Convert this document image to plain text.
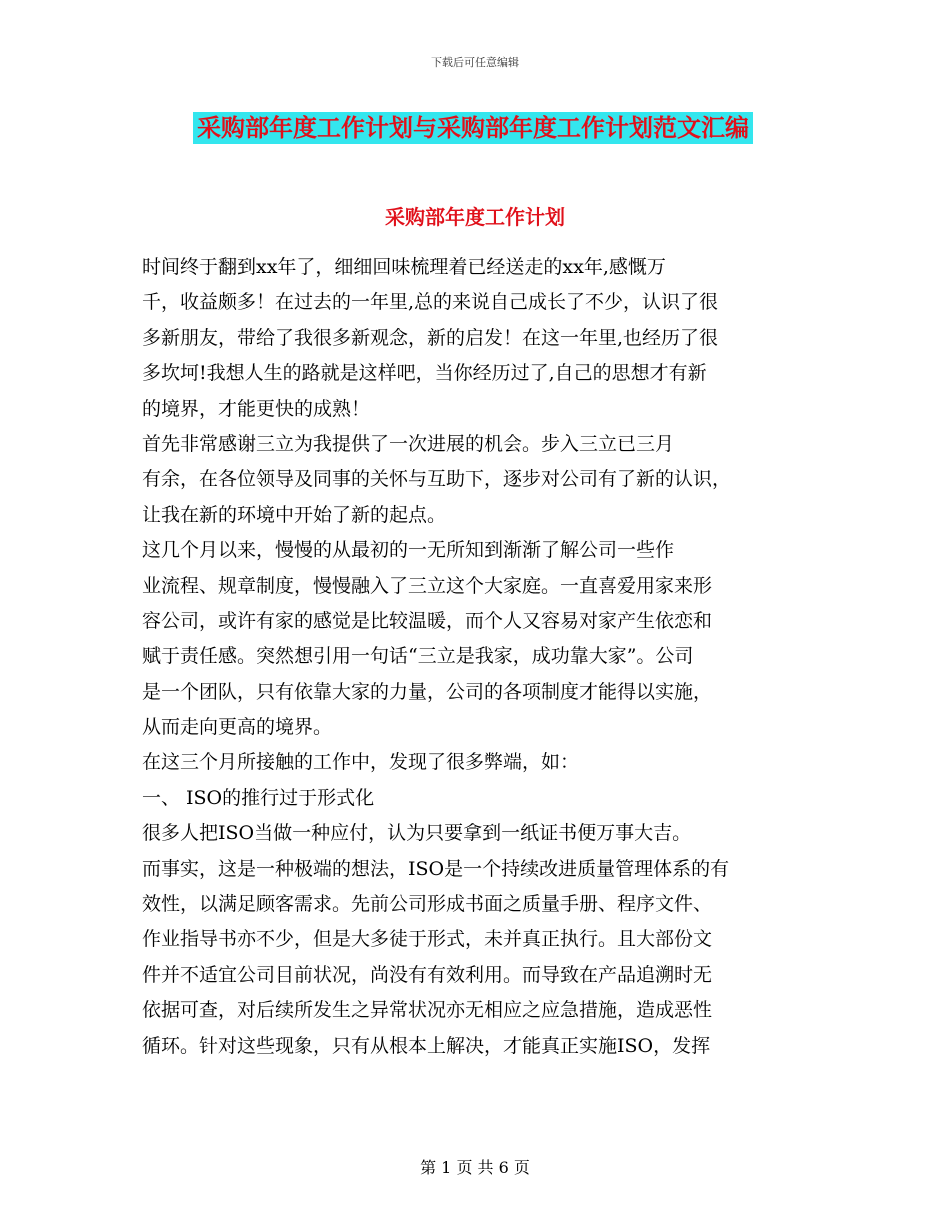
下载后可任意编辑
采购部年度工作计划与采购部年度工作计划范文汇编
采购部年度工作计划
时间终于翻到xx年了，细细回味梳理着已经送走的xx年,感慨万
千，收益颇多！在过去的一年里,总的来说自己成长了不少，认识了很
多新朋友，带给了我很多新观念，新的启发！在这一年里,也经历了很
多坎坷!我想人生的路就是这样吧，当你经历过了,自己的思想才有新
的境界，才能更快的成熟！
首先非常感谢三立为我提供了一次进展的机会。步入三立已三月
有余，在各位领导及同事的关怀与互助下，逐步对公司有了新的认识，
让我在新的环境中开始了新的起点。
这几个月以来，慢慢的从最初的一无所知到渐渐了解公司一些作
业流程、规章制度，慢慢融入了三立这个大家庭。一直喜爱用家来形
容公司，或许有家的感觉是比较温暖，而个人又容易对家产生依恋和
赋于责任感。突然想引用一句话“三立是我家，成功靠大家”。公司
是一个团队，只有依靠大家的力量，公司的各项制度才能得以实施，
从而走向更高的境界。
在这三个月所接触的工作中，发现了很多弊端，如：
一、 ISO的推行过于形式化
很多人把ISO当做一种应付，认为只要拿到一纸证书便万事大吉。
而事实，这是一种极端的想法，ISO是一个持续改进质量管理体系的有
效性，以满足顾客需求。先前公司形成书面之质量手册、程序文件、
作业指导书亦不少，但是大多徒于形式，未并真正执行。且大部份文
件并不适宜公司目前状况，尚没有有效利用。而导致在产品追溯时无
依据可查，对后续所发生之异常状况亦无相应之应急措施，造成恶性
循环。针对这些现象，只有从根本上解决，才能真正实施ISO，发挥
第 1 页 共 6 页
